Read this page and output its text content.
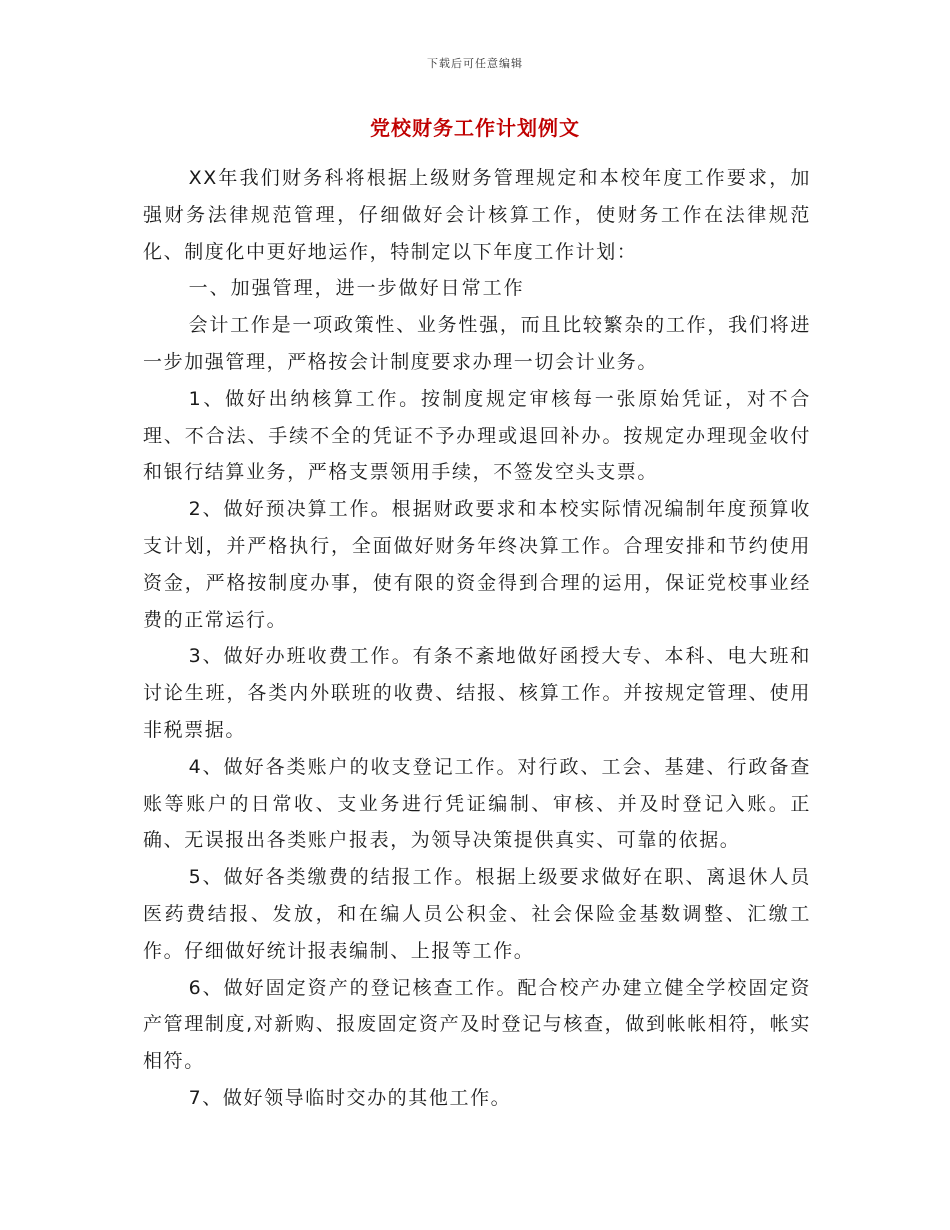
下载后可任意编辑
党校财务工作计划例文

XX年我们财务科将根据上级财务管理规定和本校年度工作要求，加强财务法律规范管理，仔细做好会计核算工作，使财务工作在法律规范化、制度化中更好地运作，特制定以下年度工作计划：

一、加强管理，进一步做好日常工作

会计工作是一项政策性、业务性强，而且比较繁杂的工作，我们将进一步加强管理，严格按会计制度要求办理一切会计业务。

1、做好出纳核算工作。按制度规定审核每一张原始凭证，对不合理、不合法、手续不全的凭证不予办理或退回补办。按规定办理现金收付和银行结算业务，严格支票领用手续，不签发空头支票。

2、做好预决算工作。根据财政要求和本校实际情况编制年度预算收支计划，并严格执行，全面做好财务年终决算工作。合理安排和节约使用资金，严格按制度办事，使有限的资金得到合理的运用，保证党校事业经费的正常运行。

3、做好办班收费工作。有条不紊地做好函授大专、本科、电大班和讨论生班，各类内外联班的收费、结报、核算工作。并按规定管理、使用非税票据。

4、做好各类账户的收支登记工作。对行政、工会、基建、行政备查账等账户的日常收、支业务进行凭证编制、审核、并及时登记入账。正确、无误报出各类账户报表，为领导决策提供真实、可靠的依据。

5、做好各类缴费的结报工作。根据上级要求做好在职、离退休人员医药费结报、发放，和在编人员公积金、社会保险金基数调整、汇缴工作。仔细做好统计报表编制、上报等工作。

6、做好固定资产的登记核查工作。配合校产办建立健全学校固定资产管理制度,对新购、报废固定资产及时登记与核查，做到帐帐相符，帐实相符。

7、做好领导临时交办的其他工作。
